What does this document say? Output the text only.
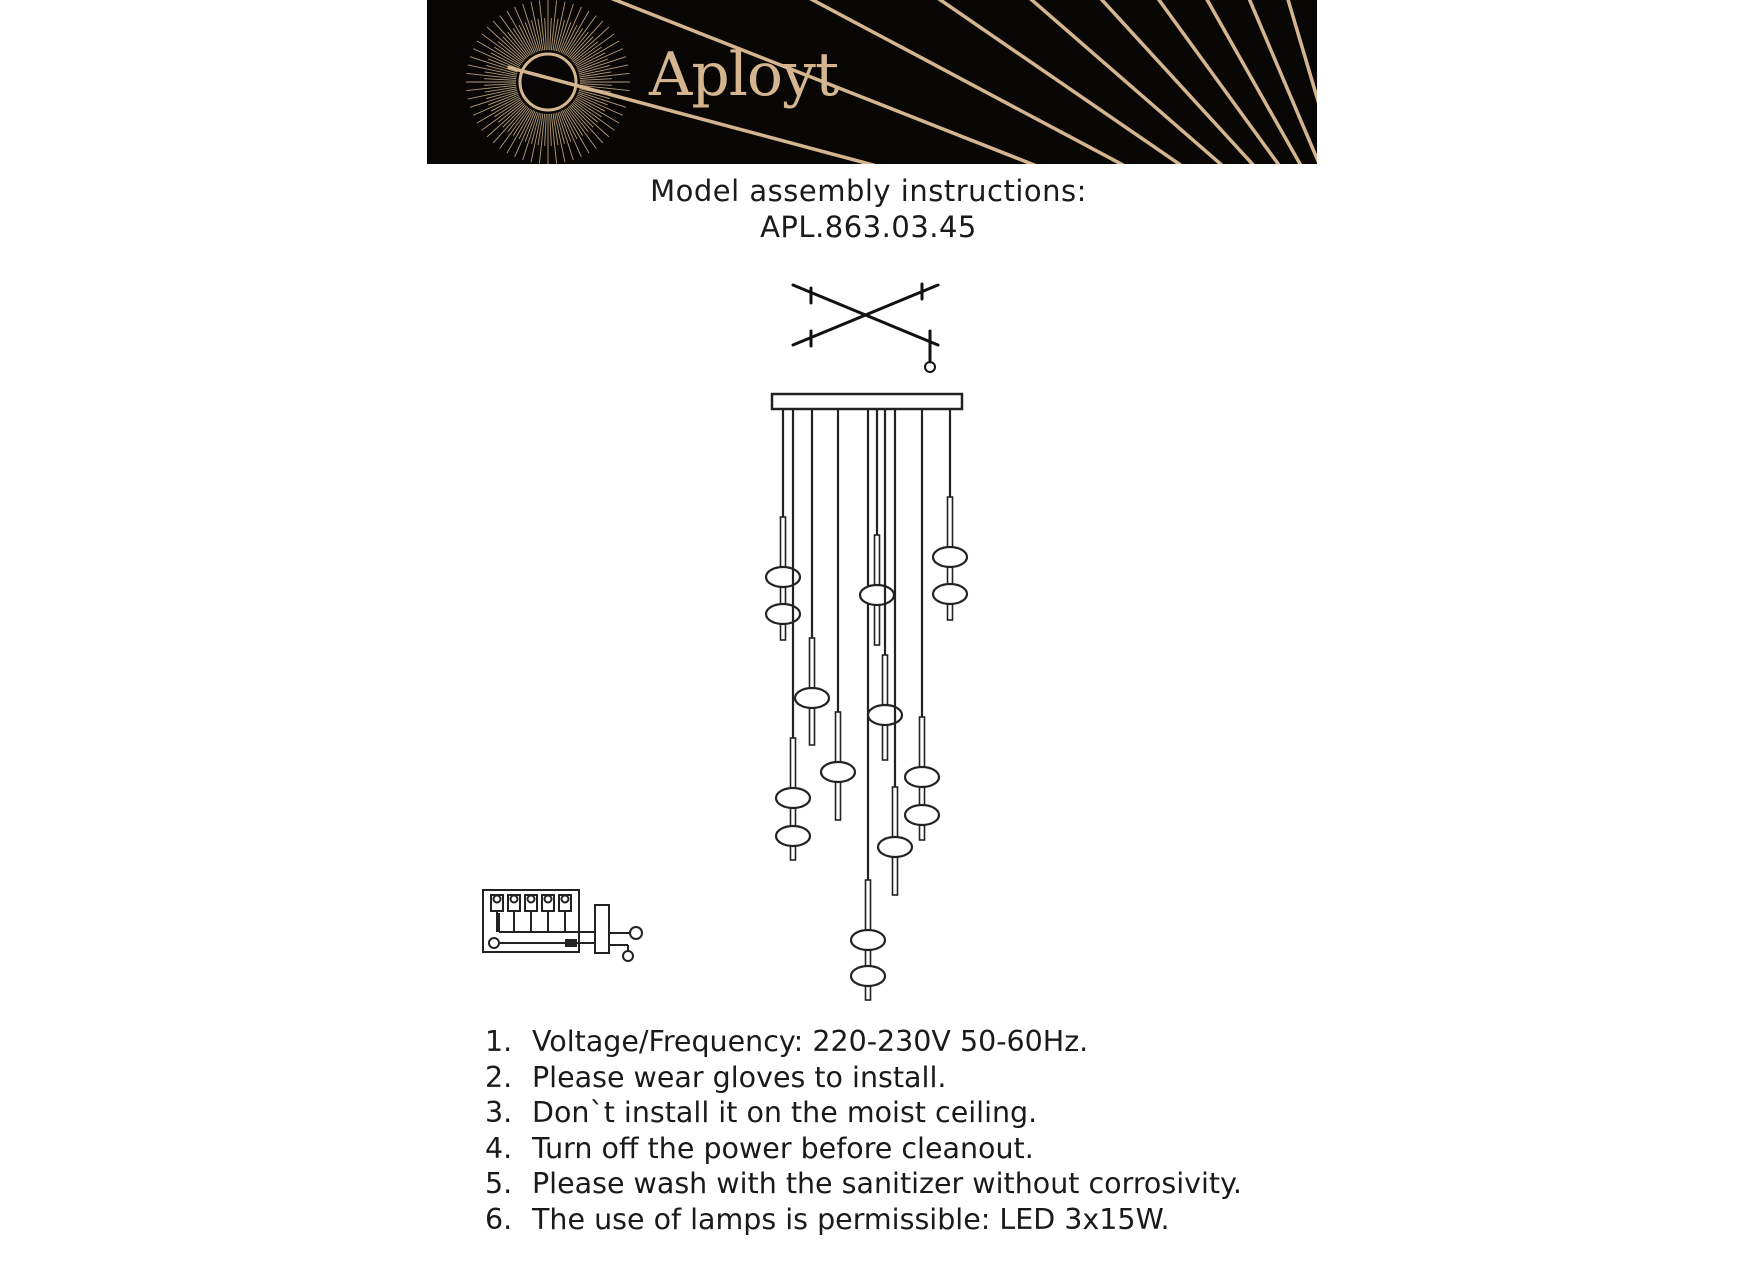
Aployt
Model assembly instructions:
APL.863.03.45
1. Voltage/Frequency: 220-230V 50-60Hz.
2. Please wear gloves to install.
3. Don`t install it on the moist ceiling.
4. Turn off the power before cleanout.
5. Please wash with the sanitizer without corrosivity.
6. The use of lamps is permissible: LED 3x15W.
